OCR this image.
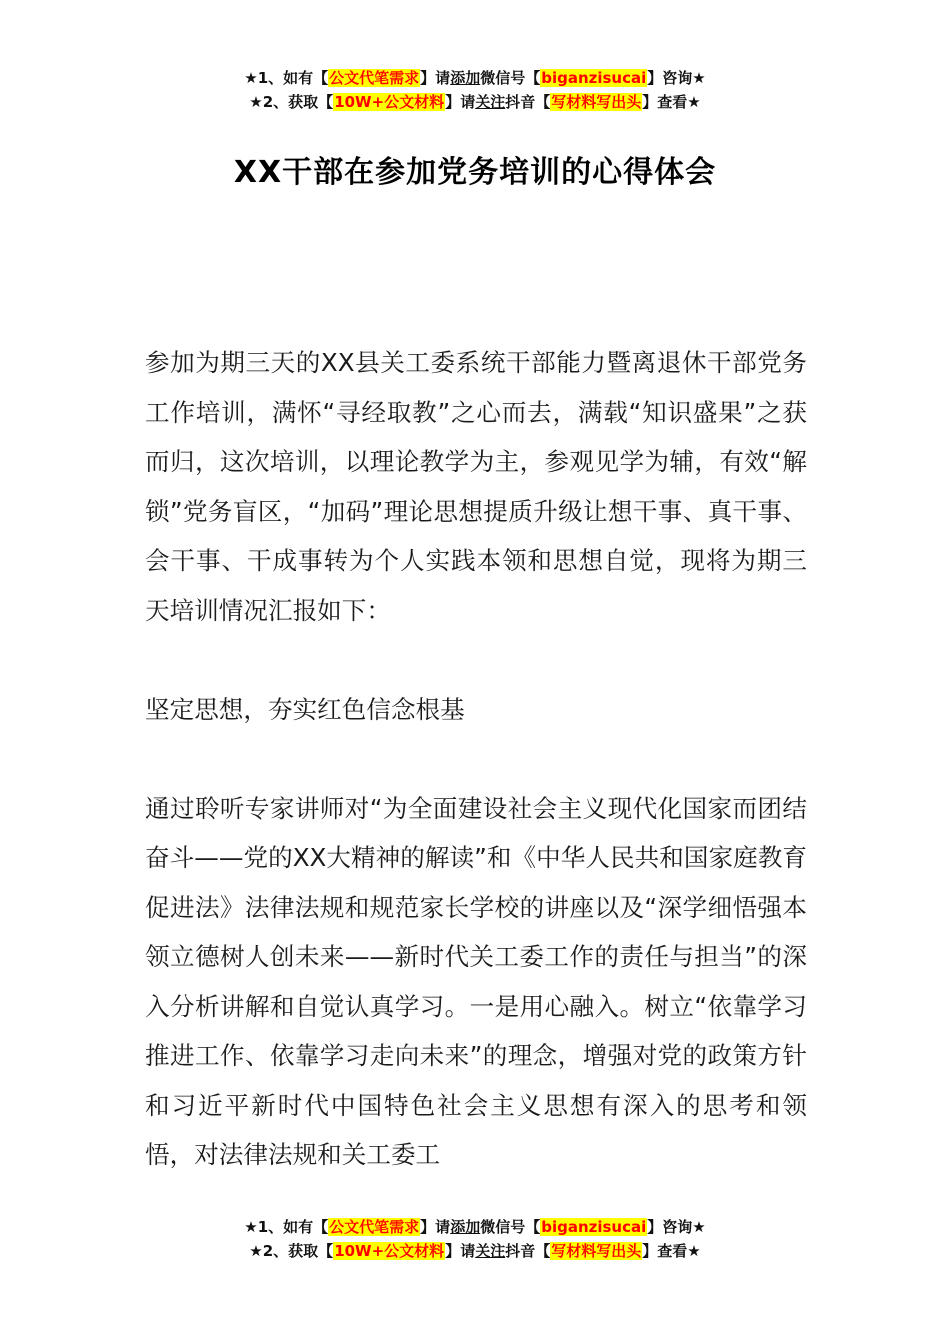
★1、如有【公文代笔需求】请添加微信号【biganzisucai】咨询★
★2、获取【10W+公文材料】请关注抖音【写材料写出头】查看★
XX干部在参加党务培训的心得体会

参加为期三天的XX县关工委系统干部能力暨离退休干部党务工作培训，满怀“寻经取教”之心而去，满载“知识盛果”之获而归，这次培训，以理论教学为主，参观见学为辅，有效“解锁”党务盲区，“加码”理论思想提质升级让想干事、真干事、会干事、干成事转为个人实践本领和思想自觉，现将为期三天培训情况汇报如下：

坚定思想，夯实红色信念根基

通过聆听专家讲师对“为全面建设社会主义现代化国家而团结奋斗——党的XX大精神的解读”和《中华人民共和国家庭教育促进法》法律法规和规范家长学校的讲座以及“深学细悟强本领立德树人创未来——新时代关工委工作的责任与担当”的深入分析讲解和自觉认真学习。一是用心融入。树立“依靠学习推进工作、依靠学习走向未来”的理念，增强对党的政策方针和习近平新时代中国特色社会主义思想有深入的思考和领悟，对法律法规和关工委工

★1、如有【公文代笔需求】请添加微信号【biganzisucai】咨询★
★2、获取【10W+公文材料】请关注抖音【写材料写出头】查看★
